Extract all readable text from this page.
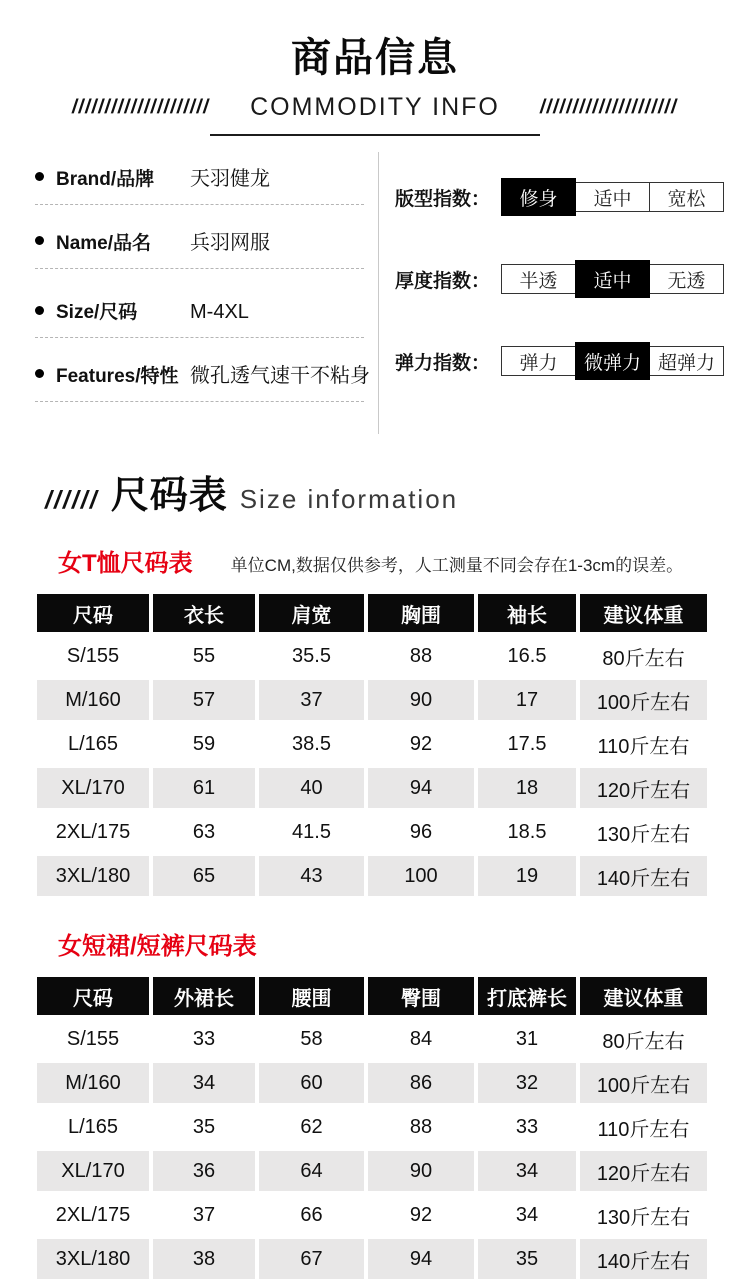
商品信息
///////////////////// COMMODITY INFO /////////////////////
Brand/品牌	天羽健龙
Name/品名	兵羽网服
Size/尺码	M-4XL
Features/特性 微孔透气速干不粘身
版型指数：	修身	适中	宽松
厚度指数：	半透	适中	无透
弹力指数：	弹力	微弹力 超弹力
////// 尺码表 Size information
女T恤尺码表 单位CM,数据仅供参考，人工测量不同会存在1-3cm的误差。
尺码	衣长	肩宽	胸围	袖长	建议体重
S/155	55	35.5	88	16.5	80斤左右
M/160	57	37	90	17	100斤左右
L/165	59	38.5	92	17.5	110斤左右
XL/170	61	40	94	18	120斤左右
2XL/175	63	41.5	96	18.5	130斤左右
3XL/180	65	43	100	19	140斤左右
女短裙/短裤尺码表
尺码	外裙长	腰围	臀围	打底裤长	建议体重
S/155	33	58	84	31	80斤左右
M/160	34	60	86	32	100斤左右
L/165	35	62	88	33	110斤左右
XL/170	36	64	90	34	120斤左右
2XL/175	37	66	92	34	130斤左右
3XL/180	38	67	94	35	140斤左右
